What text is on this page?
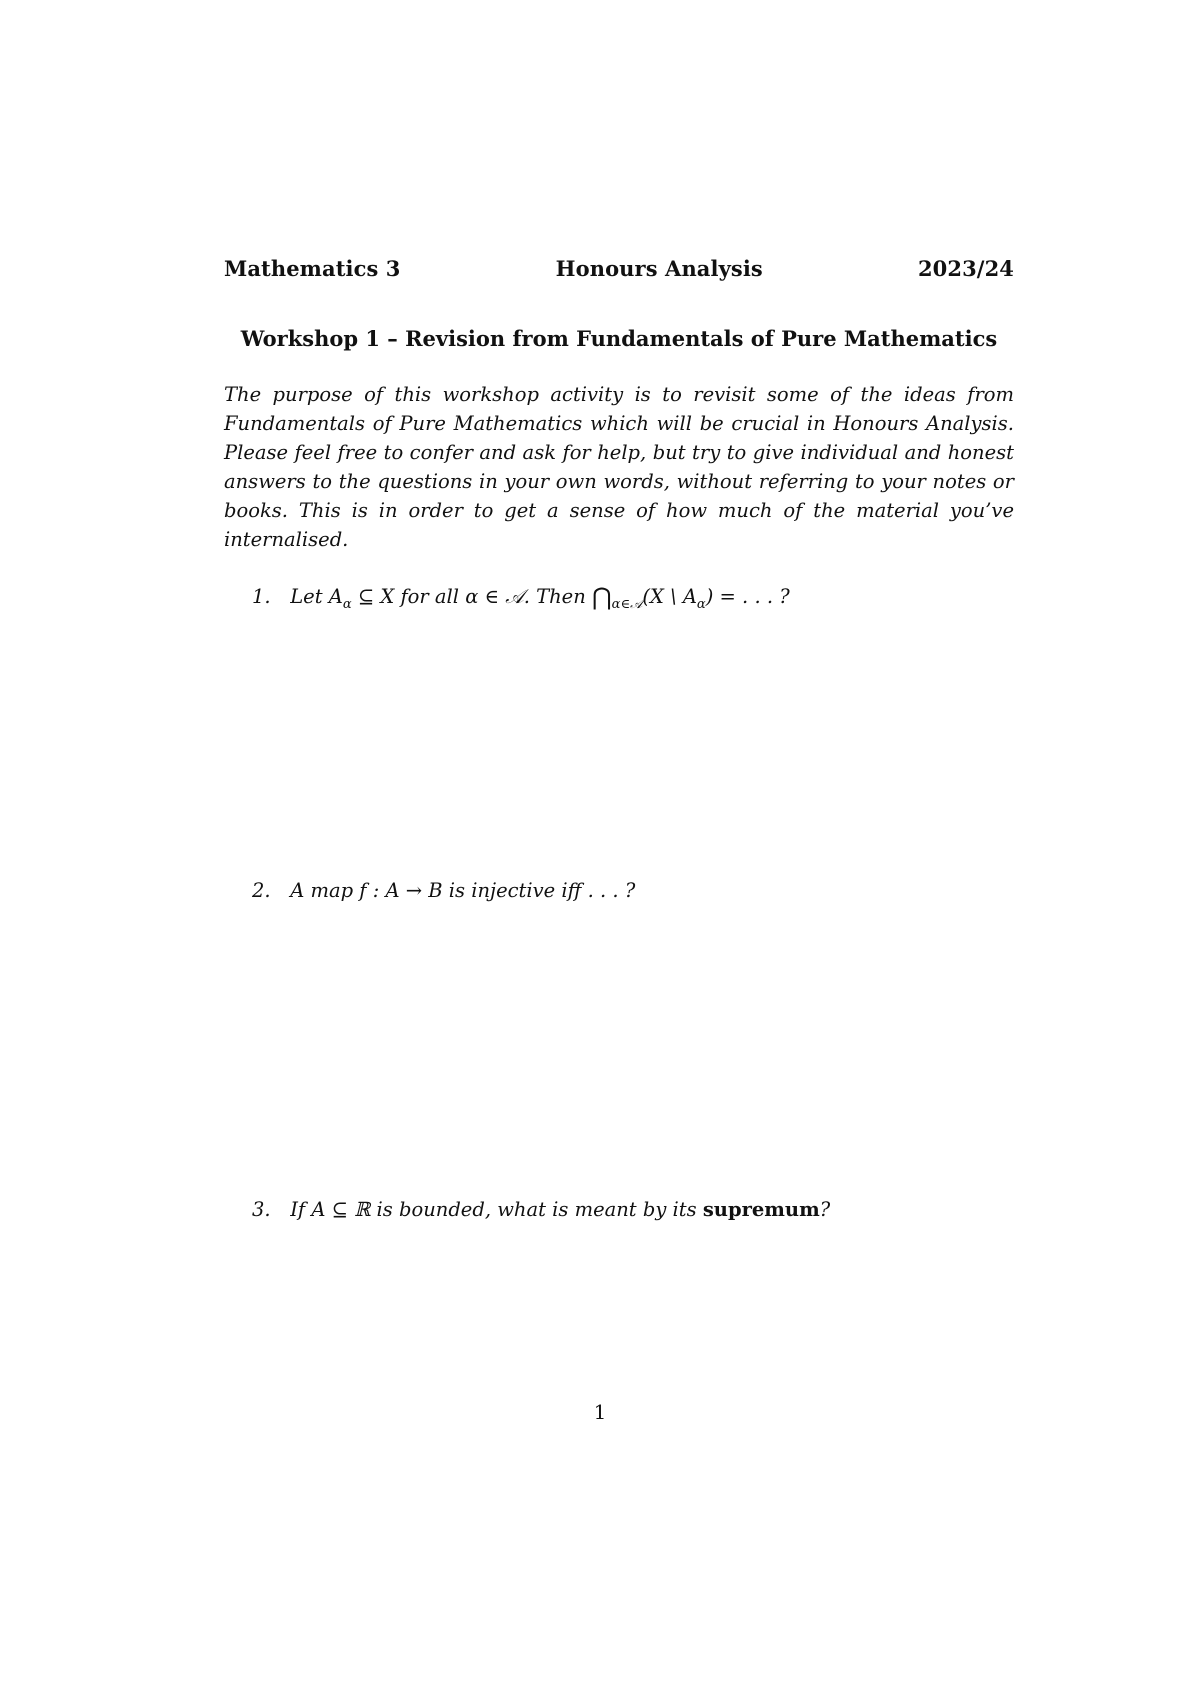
Mathematics 3	Honours Analysis	2023/24
Workshop 1 – Revision from Fundamentals of Pure Mathematics
The purpose of this workshop activity is to revisit some of the ideas from Fundamentals of Pure Mathematics which will be crucial in Honours Analysis. Please feel free to confer and ask for help, but try to give individual and honest answers to the questions in your own words, without referring to your notes or books. This is in order to get a sense of how much of the material you’ve internalised.
1. Let $A_\alpha$ ⊆ X for all α ∈ 𝒜. Then $⋂_{\alpha\in 𝒜}(X$ \ $A_\alpha$) = . . . ?
2. A map f : A → B is injective iff . . . ?
3. If A ⊆ ℝ is bounded, what is meant by its supremum?
1
